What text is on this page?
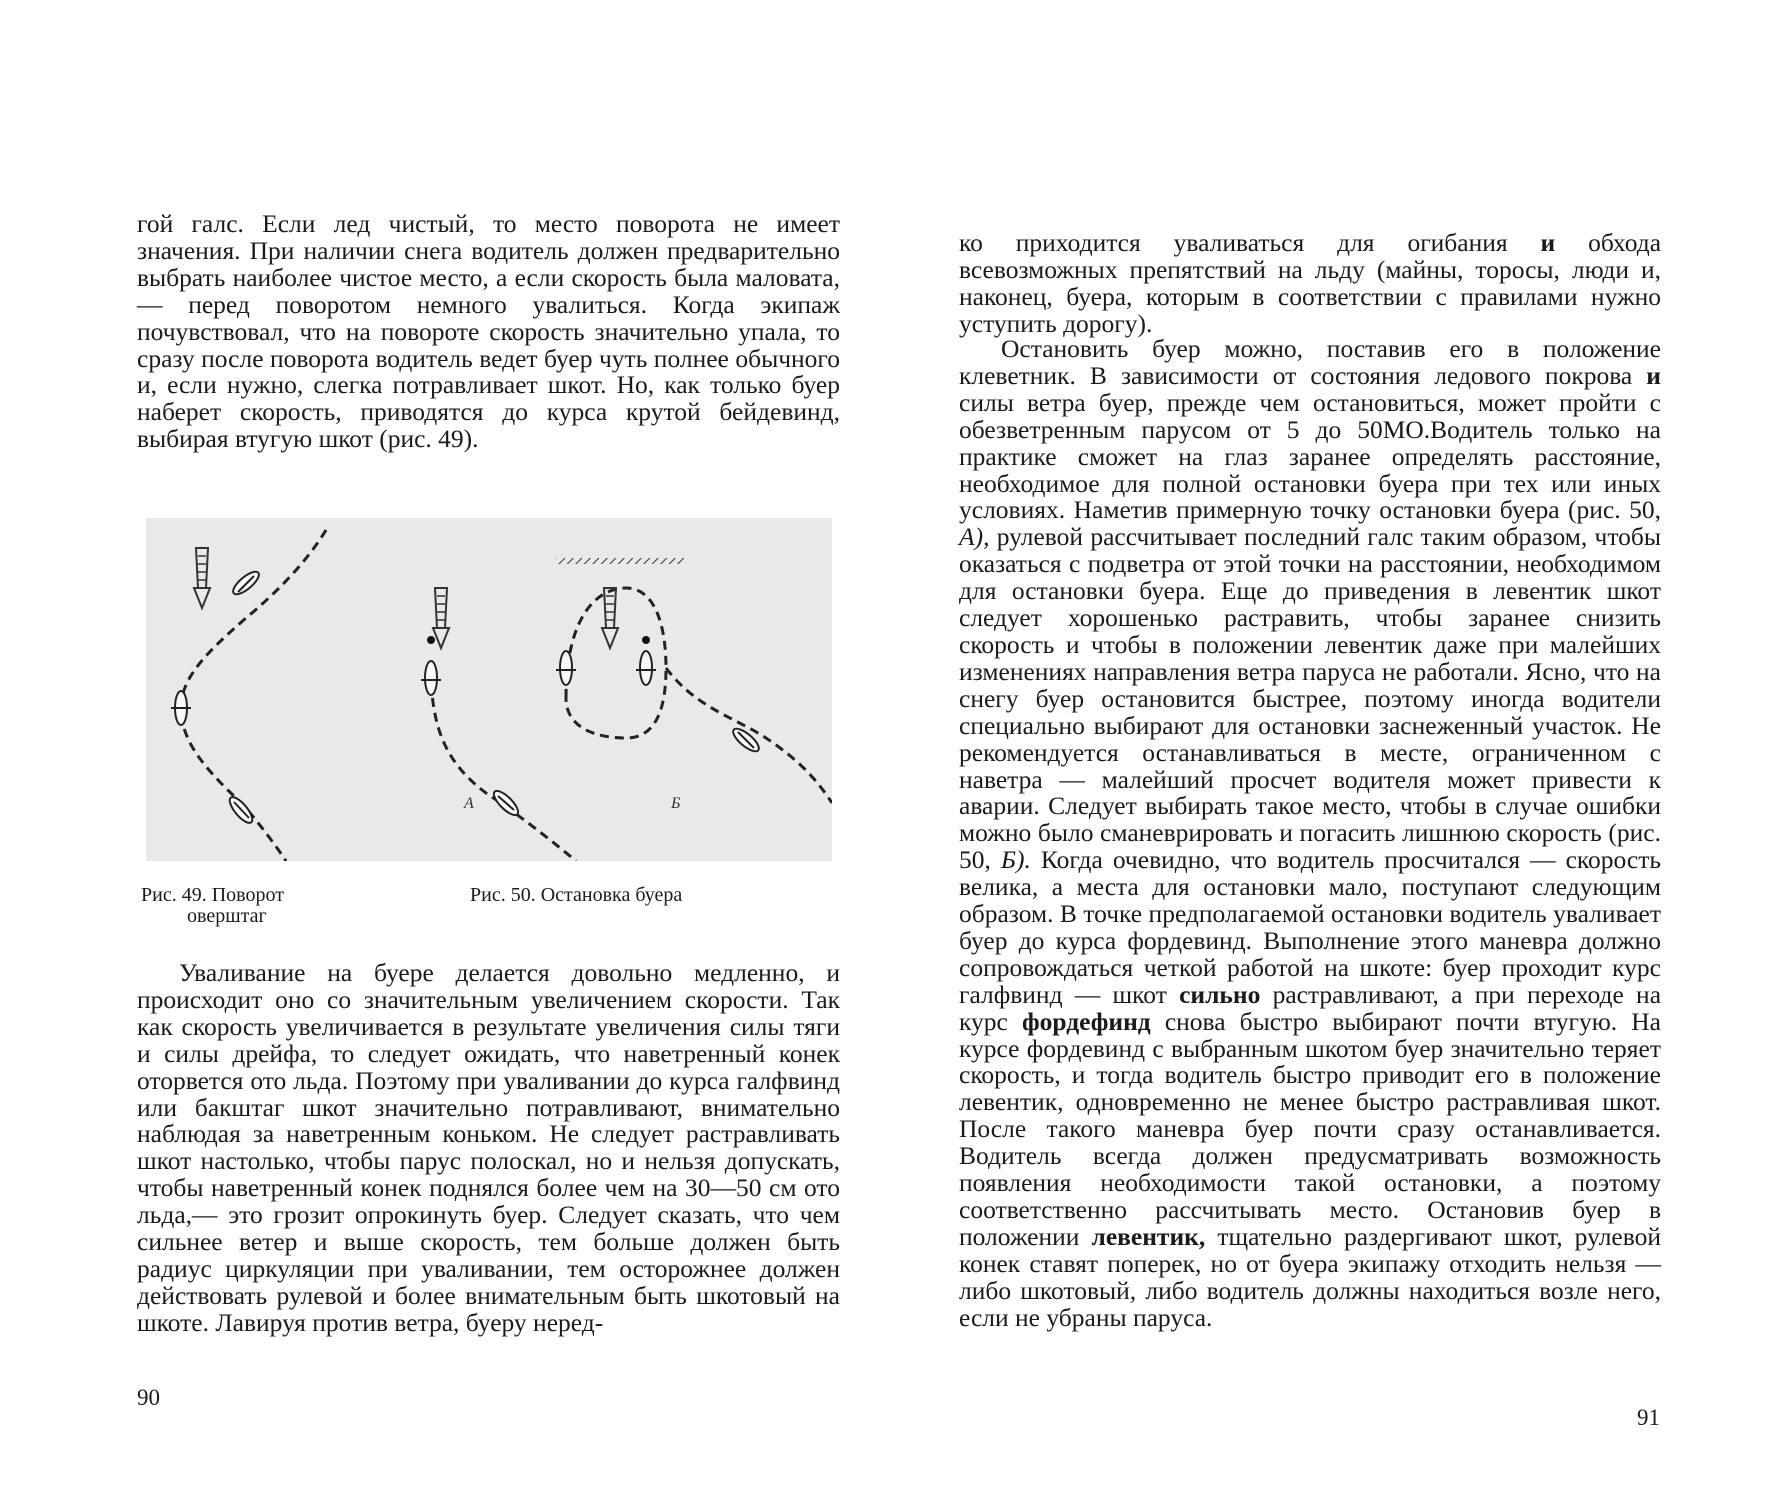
гой галс. Если лед чистый, то место поворота не имеет значения. При наличии снега водитель должен предварительно выбрать наиболее чистое место, а если скорость была маловата,— перед поворотом немного увалиться. Когда экипаж почувствовал, что на повороте скорость значительно упала, то сразу после поворота водитель ведет буер чуть полнее обычного и, если нужно, слегка потравливает шкот. Но, как только буер наберет скорость, приводятся до курса крутой бейдевинд, выбирая втугую шкот (рис. 49).

А	Б
Рис. 49. Поворот
оверштаг
Рис. 50. Остановка буера

Уваливание на буере делается довольно медленно, и происходит оно со значительным увеличением скорости. Так как скорость увеличивается в результате увеличения силы тяги и силы дрейфа, то следует ожидать, что наветренный конек оторвется ото льда. Поэтому при уваливании до курса галфвинд или бакштаг шкот значительно потравливают, внимательно наблюдая за наветренным коньком. Не следует растравливать шкот настолько, чтобы парус полоскал, но и нельзя допускать, чтобы наветренный конек поднялся более чем на 30—50 см ото льда,— это грозит опрокинуть буер. Следует сказать, что чем сильнее ветер и выше скорость, тем больше должен быть радиус циркуляции при уваливании, тем осторожнее должен действовать рулевой и более внимательным быть шкотовый на шкоте. Лавируя против ветра, буеру неред-

90

ко приходится уваливаться для огибания и обхода всевозможных препятствий на льду (майны, торосы, люди и, наконец, буера, которым в соответствии с правилами нужно уступить дорогу).

Остановить буер можно, поставив его в положение клеветник. В зависимости от состояния ледового покрова и силы ветра буер, прежде чем остановиться, может пройти с обезветренным парусом от 5 до 50МО.Водитель только на практике сможет на глаз заранее определять расстояние, необходимое для полной остановки буера при тех или иных условиях. Наметив примерную точку остановки буера (рис. 50, А), рулевой рассчитывает последний галс таким образом, чтобы оказаться с подветра от этой точки на расстоянии, необходимом для остановки буера. Еще до приведения в левентик шкот следует хорошенько растравить, чтобы заранее снизить скорость и чтобы в положении левентик даже при малейших изменениях направления ветра паруса не работали. Ясно, что на снегу буер остановится быстрее, поэтому иногда водители специально выбирают для остановки заснеженный участок. Не рекомендуется останавливаться в месте, ограниченном с наветра — малейший просчет водителя может привести к аварии. Следует выбирать такое место, чтобы в случае ошибки можно было сманеврировать и погасить лишнюю скорость (рис. 50, Б). Когда очевидно, что водитель просчитался — скорость велика, а места для остановки мало, поступают следующим образом. В точке предполагаемой остановки водитель уваливает буер до курса фордевинд. Выполнение этого маневра должно сопровождаться четкой работой на шкоте: буер проходит курс галфвинд — шкот сильно растравливают, а при переходе на курс фордефинд снова быстро выбирают почти втугую. На курсе фордевинд с выбранным шкотом буер значительно теряет скорость, и тогда водитель быстро приводит его в положение левентик, одновременно не менее быстро растравливая шкот. После такого маневра буер почти сразу останавливается. Водитель всегда должен предусматривать возможность появления необходимости такой остановки, а поэтому соответственно рассчитывать место. Остановив буер в положении левентик, тщательно раздергивают шкот, рулевой конек ставят поперек, но от буера экипажу отходить нельзя — либо шкотовый, либо водитель должны находиться возле него, если не убраны паруса.

91
